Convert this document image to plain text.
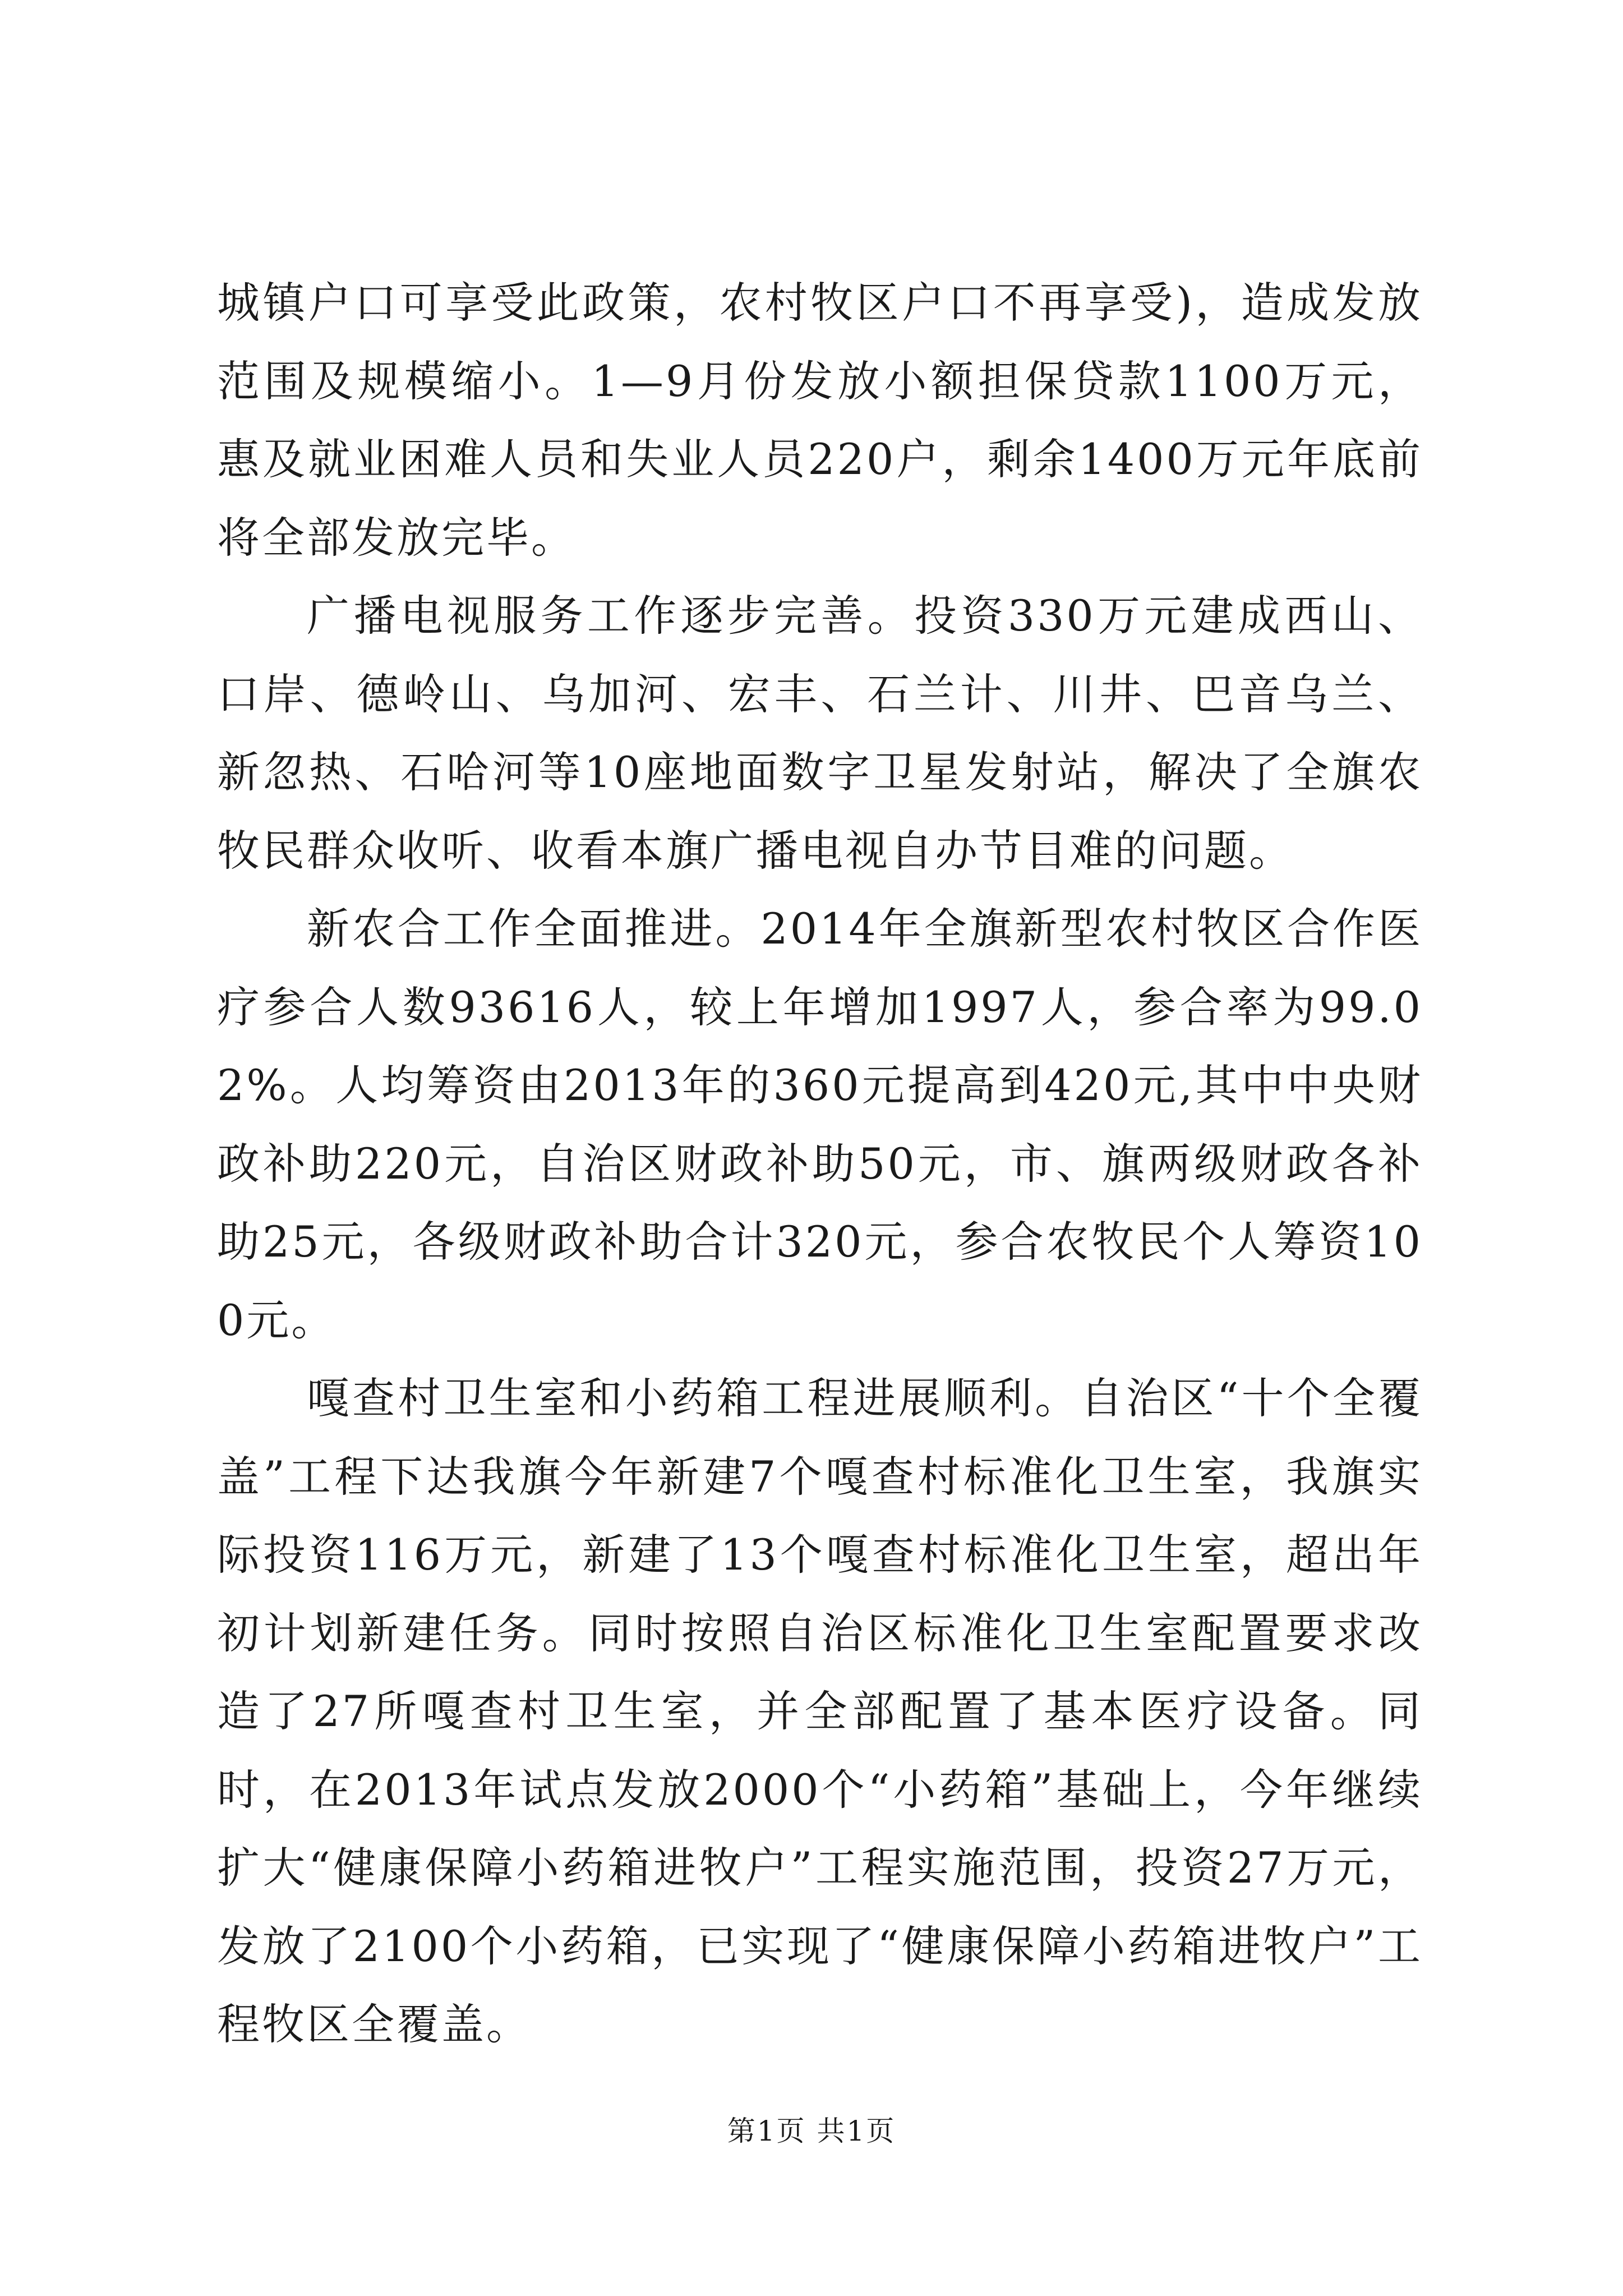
城镇户口可享受此政策，农村牧区户口不再享受)，造成发放范围及规模缩小。1—9月份发放小额担保贷款1100万元，惠及就业困难人员和失业人员220户，剩余1400万元年底前将全部发放完毕。

广播电视服务工作逐步完善。投资330万元建成西山、口岸、德岭山、乌加河、宏丰、石兰计、川井、巴音乌兰、新忽热、石哈河等10座地面数字卫星发射站，解决了全旗农牧民群众收听、收看本旗广播电视自办节目难的问题。

新农合工作全面推进。2014年全旗新型农村牧区合作医疗参合人数93616人，较上年增加1997人，参合率为99.02%。人均筹资由2013年的360元提高到420元,其中中央财政补助220元，自治区财政补助50元，市、旗两级财政各补助25元，各级财政补助合计320元，参合农牧民个人筹资100元。

嘎查村卫生室和小药箱工程进展顺利。自治区“十个全覆盖”工程下达我旗今年新建7个嘎查村标准化卫生室，我旗实际投资116万元，新建了13个嘎查村标准化卫生室，超出年初计划新建任务。同时按照自治区标准化卫生室配置要求改造了27所嘎查村卫生室，并全部配置了基本医疗设备。同时，在2013年试点发放2000个“小药箱”基础上，今年继续扩大“健康保障小药箱进牧户”工程实施范围，投资27万元，发放了2100个小药箱，已实现了“健康保障小药箱进牧户”工程牧区全覆盖。

第1页 共1页
